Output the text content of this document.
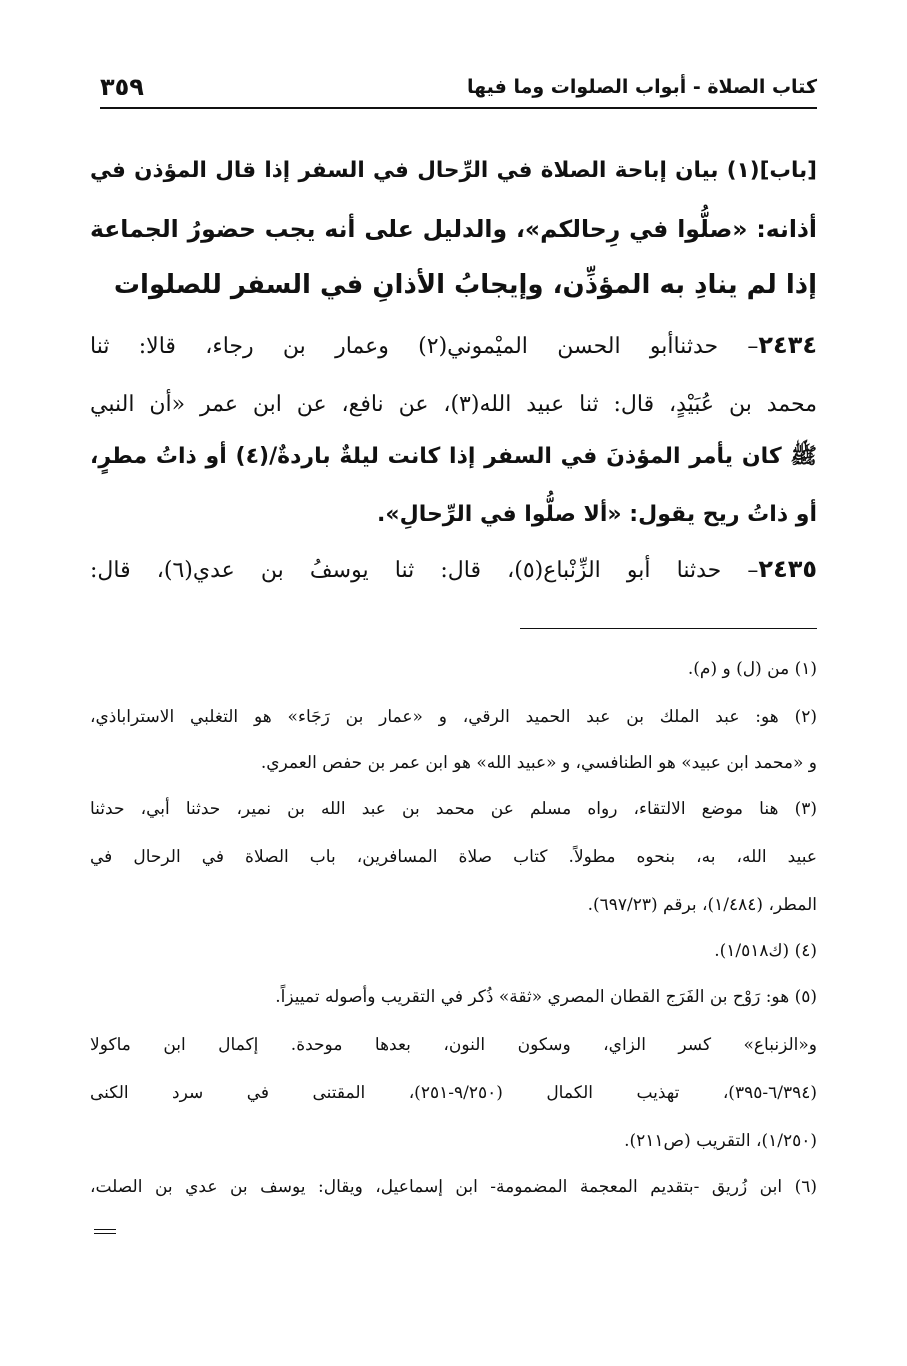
كتاب الصلاة - أبواب الصلوات وما فيها
٣٥٩
[باب](١) بيان إباحة الصلاة في الرِّحال في السفر إذا قال المؤذن في
أذانه: «صلُّوا في رِحالكم»، والدليل على أنه يجب حضورُ الجماعة
إذا لم ينادِ به المؤذِّن، وإيجابُ الأذانِ في السفر للصلوات
٢٤٣٤– حدثناأبو الحسن الميْموني(٢) وعمار بن رجاء، قالا: ثنا
محمد بن عُبَيْدٍ، قال: ثنا عبيد الله(٣)، عن نافع، عن ابن عمر «أن النبي
ﷺ كان يأمر المؤذنَ في السفر إذا كانت ليلةٌ باردةٌ/(٤) أو ذاتُ مطرٍ،
أو ذاتُ ريح يقول: «ألا صلُّوا في الرِّحالِ».
٢٤٣٥– حدثنا أبو الزِّنْباع(٥)، قال: ثنا يوسفُ بن عدي(٦)، قال:
(١) من (ل) و (م).
(٢) هو: عبد الملك بن عبد الحميد الرقي، و «عمار بن رَجَاء» هو التغلبي الاستراباذي،
و «محمد ابن عبيد» هو الطنافسي، و «عبيد الله» هو ابن عمر بن حفص العمري.
(٣) هنا موضع الالتقاء، رواه مسلم عن محمد بن عبد الله بن نمير، حدثنا أبي، حدثنا
عبيد الله، به، بنحوه مطولاً. كتاب صلاة المسافرين، باب الصلاة في الرحال في
المطر، (١/٤٨٤)، برقم (٦٩٧/٢٣).
(٤) (ك١/٥١٨).
(٥) هو: رَوْح بن الفَرَج القطان المصري «ثقة» ذُكر في التقريب وأصوله تمييزاً.
و«الزنباع» كسر الزاي، وسكون النون، بعدها موحدة. إكمال ابن ماكولا
(٦/٣٩٤-٣٩٥)، تهذيب الكمال (٩/٢٥٠-٢٥١)، المقتنى في سرد الكنى
(١/٢٥٠)، التقريب (ص٢١١).
(٦) ابن زُريق -بتقديم المعجمة المضمومة- ابن إسماعيل، ويقال: يوسف بن عدي بن الصلت،
